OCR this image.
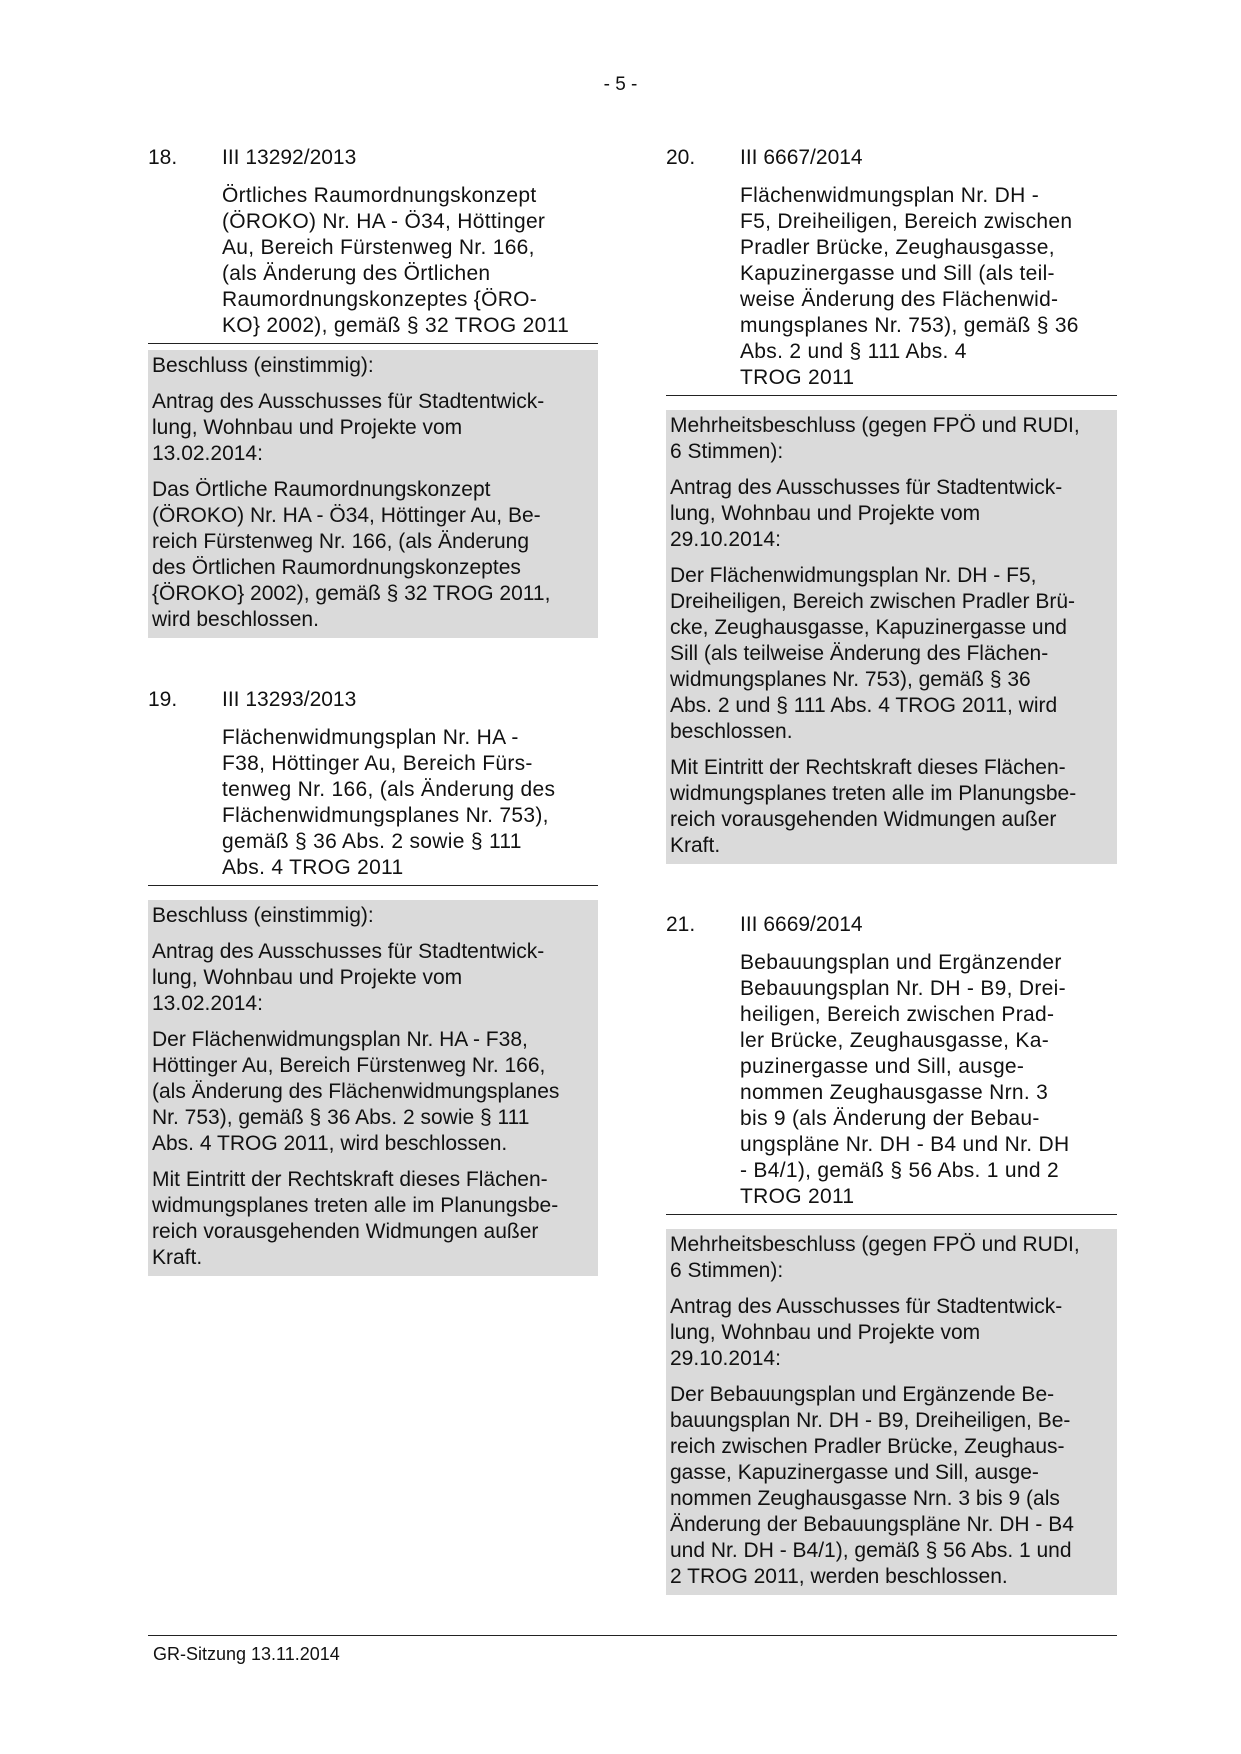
- 5 -
18.	III 13292/2013
Örtliches Raumordnungskonzept
(ÖROKO) Nr. HA - Ö34, Höttinger
Au, Bereich Fürstenweg Nr. 166,
(als Änderung des Örtlichen
Raumordnungskonzeptes {ÖRO-
KO} 2002), gemäß § 32 TROG 2011
Beschluss (einstimmig):

Antrag des Ausschusses für Stadtentwick-
lung, Wohnbau und Projekte vom
13.02.2014:

Das Örtliche Raumordnungskonzept
(ÖROKO) Nr. HA - Ö34, Höttinger Au, Be-
reich Fürstenweg Nr. 166, (als Änderung
des Örtlichen Raumordnungskonzeptes
{ÖROKO} 2002), gemäß § 32 TROG 2011,
wird beschlossen.

19.	III 13293/2013
Flächenwidmungsplan Nr. HA -
F38, Höttinger Au, Bereich Fürs-
tenweg Nr. 166, (als Änderung des
Flächenwidmungsplanes Nr. 753),
gemäß § 36 Abs. 2 sowie § 111
Abs. 4 TROG 2011
Beschluss (einstimmig):

Antrag des Ausschusses für Stadtentwick-
lung, Wohnbau und Projekte vom
13.02.2014:

Der Flächenwidmungsplan Nr. HA - F38,
Höttinger Au, Bereich Fürstenweg Nr. 166,
(als Änderung des Flächenwidmungsplanes
Nr. 753), gemäß § 36 Abs. 2 sowie § 111
Abs. 4 TROG 2011, wird beschlossen.

Mit Eintritt der Rechtskraft dieses Flächen-
widmungsplanes treten alle im Planungsbe-
reich vorausgehenden Widmungen außer
Kraft.

20.	III 6667/2014
Flächenwidmungsplan Nr. DH -
F5, Dreiheiligen, Bereich zwischen
Pradler Brücke, Zeughausgasse,
Kapuzinergasse und Sill (als teil-
weise Änderung des Flächenwid-
mungsplanes Nr. 753), gemäß § 36
Abs. 2 und § 111 Abs. 4
TROG 2011
Mehrheitsbeschluss (gegen FPÖ und RUDI,
6 Stimmen):

Antrag des Ausschusses für Stadtentwick-
lung, Wohnbau und Projekte vom
29.10.2014:

Der Flächenwidmungsplan Nr. DH - F5,
Dreiheiligen, Bereich zwischen Pradler Brü-
cke, Zeughausgasse, Kapuzinergasse und
Sill (als teilweise Änderung des Flächen-
widmungsplanes Nr. 753), gemäß § 36
Abs. 2 und § 111 Abs. 4 TROG 2011, wird
beschlossen.

Mit Eintritt der Rechtskraft dieses Flächen-
widmungsplanes treten alle im Planungsbe-
reich vorausgehenden Widmungen außer
Kraft.

21.	III 6669/2014
Bebauungsplan und Ergänzender
Bebauungsplan Nr. DH - B9, Drei-
heiligen, Bereich zwischen Prad-
ler Brücke, Zeughausgasse, Ka-
puzinergasse und Sill, ausge-
nommen Zeughausgasse Nrn. 3
bis 9 (als Änderung der Bebau-
ungspläne Nr. DH - B4 und Nr. DH
- B4/1), gemäß § 56 Abs. 1 und 2
TROG 2011
Mehrheitsbeschluss (gegen FPÖ und RUDI,
6 Stimmen):

Antrag des Ausschusses für Stadtentwick-
lung, Wohnbau und Projekte vom
29.10.2014:

Der Bebauungsplan und Ergänzende Be-
bauungsplan Nr. DH - B9, Dreiheiligen, Be-
reich zwischen Pradler Brücke, Zeughaus-
gasse, Kapuzinergasse und Sill, ausge-
nommen Zeughausgasse Nrn. 3 bis 9 (als
Änderung der Bebauungspläne Nr. DH - B4
und Nr. DH - B4/1), gemäß § 56 Abs. 1 und
2 TROG 2011, werden beschlossen.

GR-Sitzung 13.11.2014
